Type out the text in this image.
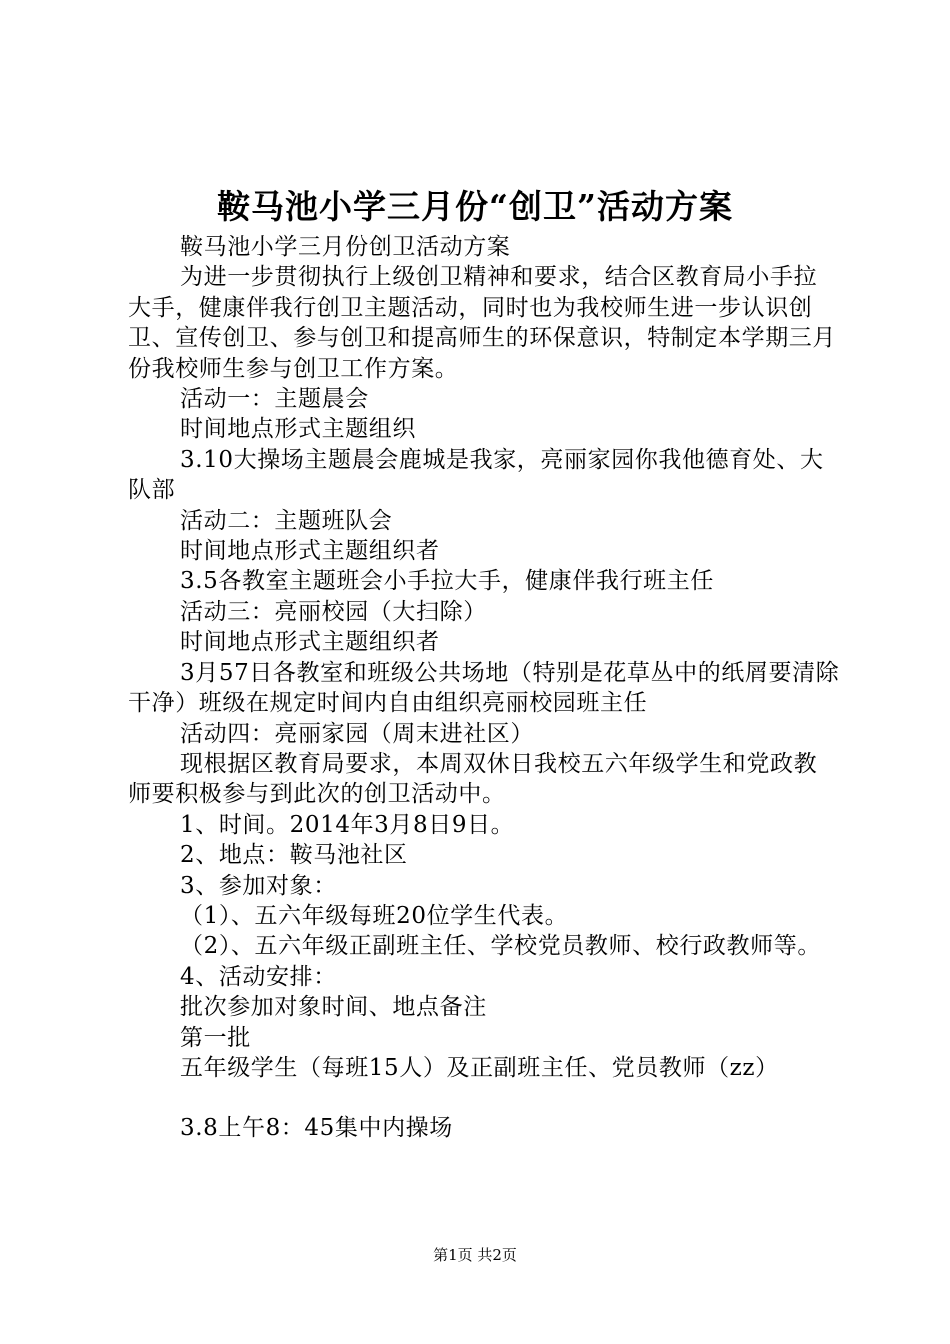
鞍马池小学三月份“创卫”活动方案

鞍马池小学三月份创卫活动方案

为进一步贯彻执行上级创卫精神和要求，结合区教育局小手拉大手，健康伴我行创卫主题活动，同时也为我校师生进一步认识创卫、宣传创卫、参与创卫和提高师生的环保意识，特制定本学期三月份我校师生参与创卫工作方案。

活动一：主题晨会

时间地点形式主题组织

3.10大操场主题晨会鹿城是我家，亮丽家园你我他德育处、大队部

活动二：主题班队会

时间地点形式主题组织者

3.5各教室主题班会小手拉大手，健康伴我行班主任

活动三：亮丽校园（大扫除）

时间地点形式主题组织者

3月57日各教室和班级公共场地（特别是花草丛中的纸屑要清除干净）班级在规定时间内自由组织亮丽校园班主任

活动四：亮丽家园（周末进社区）

现根据区教育局要求，本周双休日我校五六年级学生和党政教师要积极参与到此次的创卫活动中。

1、时间。2014年3月8日9日。

2、地点：鞍马池社区

3、参加对象：

（1）、五六年级每班20位学生代表。

（2）、五六年级正副班主任、学校党员教师、校行政教师等。

4、活动安排：

批次参加对象时间、地点备注

第一批

五年级学生（每班15人）及正副班主任、党员教师（zz）

3.8上午8：45集中内操场

第1页 共2页
